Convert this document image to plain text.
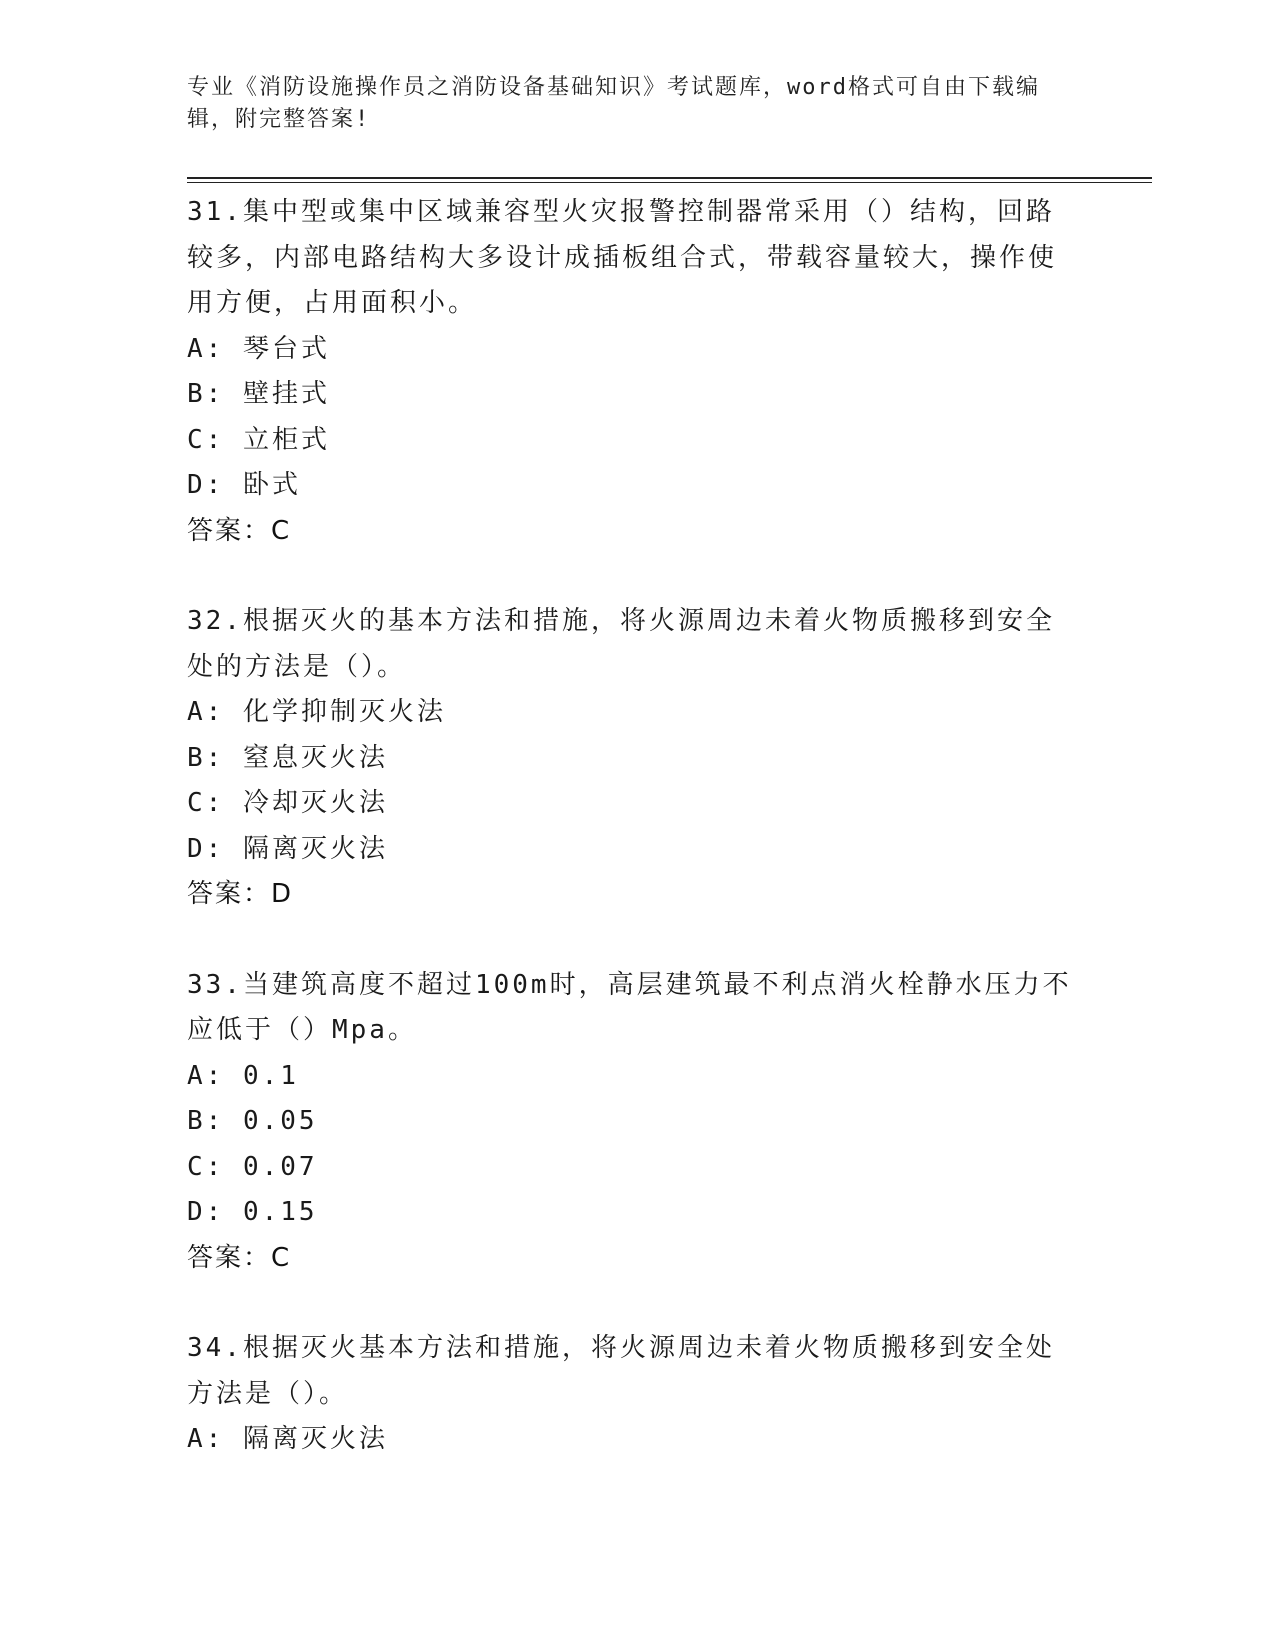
专业《消防设施操作员之消防设备基础知识》考试题库，word格式可自由下载编辑，附完整答案!
31.集中型或集中区域兼容型火灾报警控制器常采用（）结构，回路较多，内部电路结构大多设计成插板组合式，带载容量较大，操作使用方便，占用面积小。
A: 琴台式
B: 壁挂式
C: 立柜式
D: 卧式
答案：C
32.根据灭火的基本方法和措施，将火源周边未着火物质搬移到安全处的方法是（）。
A: 化学抑制灭火法
B: 窒息灭火法
C: 冷却灭火法
D: 隔离灭火法
答案：D
33.当建筑高度不超过100m时，高层建筑最不利点消火栓静水压力不应低于（）Mpa。
A: 0.1
B: 0.05
C: 0.07
D: 0.15
答案：C
34.根据灭火基本方法和措施，将火源周边未着火物质搬移到安全处方法是（）。
A: 隔离灭火法
